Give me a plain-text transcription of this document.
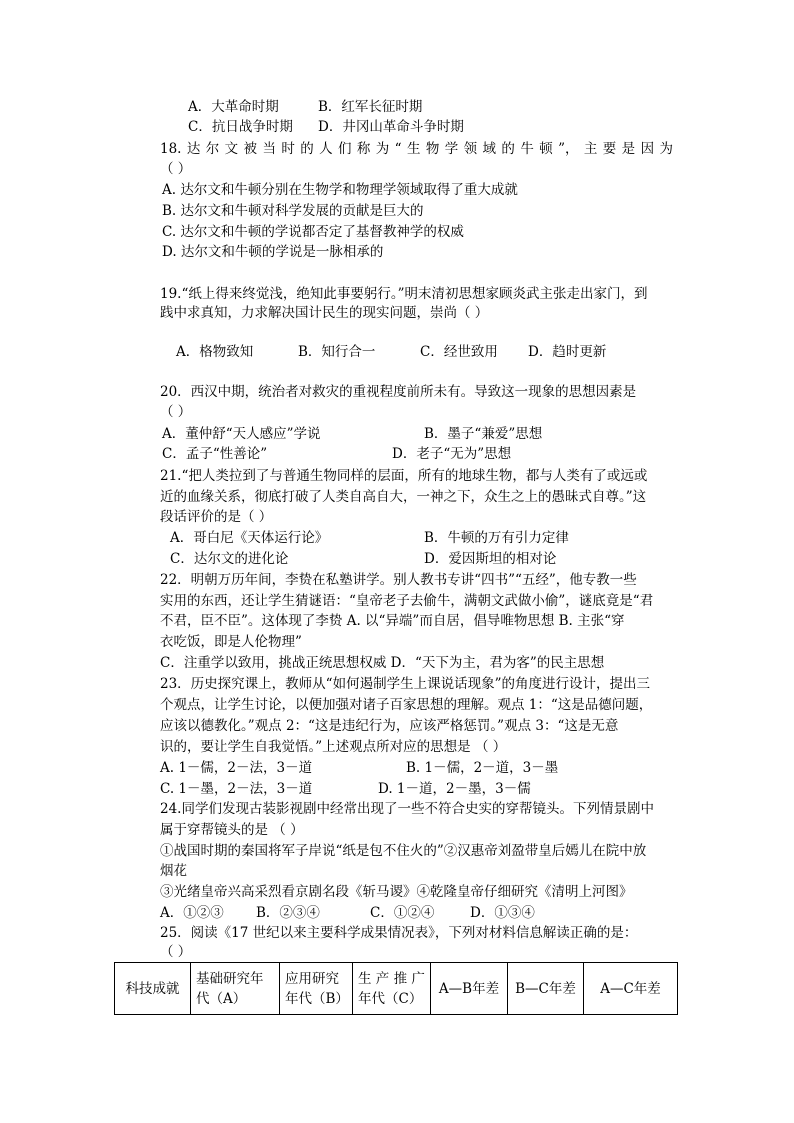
A．大革命时期	B．红军长征时期
C．抗日战争时期 D．井冈山革命斗争时期
18. 达 尔 文 被 当 时 的 人 们 称 为 “ 生 物 学 领 域 的 牛 顿 ”， 主 要 是 因 为
（ ）
A. 达尔文和牛顿分别在生物学和物理学领域取得了重大成就
B. 达尔文和牛顿对科学发展的贡献是巨大的
C. 达尔文和牛顿的学说都否定了基督教神学的权威
D. 达尔文和牛顿的学说是一脉相承的
19.“纸上得来终觉浅，绝知此事要躬行。”明末清初思想家顾炎武主张走出家门，到
践中求真知，力求解决国计民生的现实问题，崇尚（ ）
A．格物致知	B．知行合一	C．经世致用 D．趋时更新
20．西汉中期，统治者对救灾的重视程度前所未有。导致这一现象的思想因素是
（ ）
A．董仲舒“天人感应”学说	B．墨子“兼爱”思想
C．孟子“性善论”	D．老子“无为”思想
21.“把人类拉到了与普通生物同样的层面，所有的地球生物，都与人类有了或远或
近的血缘关系，彻底打破了人类自高自大，一神之下，众生之上的愚昧式自尊。”这
段话评价的是（ ）
A．哥白尼《天体运行论》	B．牛顿的万有引力定律
C．达尔文的进化论	D．爱因斯坦的相对论
22．明朝万历年间，李贽在私塾讲学。别人教书专讲“四书”“五经”，他专教一些
实用的东西，还让学生猜谜语：“皇帝老子去偷牛，满朝文武做小偷”，谜底竟是“君
不君，臣不臣”。这体现了李贽 A. 以“异端”而自居，倡导唯物思想 B. 主张“穿
衣吃饭，即是人伦物理”
C．注重学以致用，挑战正统思想权威 D．“天下为主，君为客”的民主思想
23．历史探究课上，教师从“如何遏制学生上课说话现象”的角度进行设计，提出三
个观点，让学生讨论，以便加强对诸子百家思想的理解。观点 1：“这是品德问题，
应该以德教化。”观点 2：“这是违纪行为，应该严格惩罚。”观点 3：“这是无意
识的，要让学生自我觉悟。”上述观点所对应的思想是 （ ）
A. 1－儒，2－法，3－道	B. 1－儒，2－道，3－墨
C. 1－墨，2－法，3－道	D. 1－道，2－墨，3－儒
24.同学们发现古装影视剧中经常出现了一些不符合史实的穿帮镜头。下列情景剧中
属于穿帮镜头的是 （ ）
①战国时期的秦国将军子岸说“纸是包不住火的”②汉惠帝刘盈带皇后嫣儿在院中放
烟花
③光绪皇帝兴高采烈看京剧名段《斩马谡》④乾隆皇帝仔细研究《清明上河图》
A．①②③ B．②③④	C．①②④	D．①③④
25．阅读《17 世纪以来主要科学成果情况表》，下列对材料信息解读正确的是：
（ ）
科技成就	基础研究年代（A）	应用研究年代（B）	生 产 推 广 年代（C）	A—B年差	B—C年差	A—C年差
